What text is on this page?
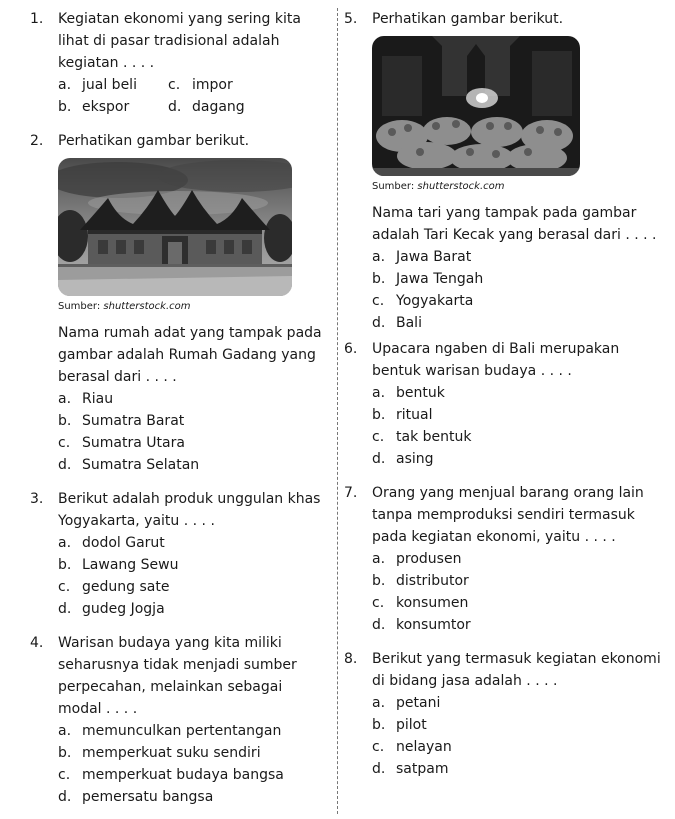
1.	Kegiatan ekonomi yang sering kita lihat di pasar tradisional adalah kegiatan . . . .
a. jual beli	c. impor
b. ekspor	d. dagang
2.	Perhatikan gambar berikut.
Sumber: shutterstock.com
Nama rumah adat yang tampak pada gambar adalah Rumah Gadang yang berasal dari . . . .
a. Riau
b. Sumatra Barat
c. Sumatra Utara
d. Sumatra Selatan
3.	Berikut adalah produk unggulan khas Yogyakarta, yaitu . . . .
a. dodol Garut
b. Lawang Sewu
c. gedung sate
d. gudeg Jogja
4.	Warisan budaya yang kita miliki seharusnya tidak menjadi sumber perpecahan, melainkan sebagai modal . . . .
a. memunculkan pertentangan
b. memperkuat suku sendiri
c. memperkuat budaya bangsa
d. pemersatu bangsa
5.	Perhatikan gambar berikut.
Sumber: shutterstock.com
Nama tari yang tampak pada gambar adalah Tari Kecak yang berasal dari . . . .
a. Jawa Barat
b. Jawa Tengah
c. Yogyakarta
d. Bali
6.	Upacara ngaben di Bali merupakan bentuk warisan budaya . . . .
a. bentuk
b. ritual
c. tak bentuk
d. asing
7.	Orang yang menjual barang orang lain tanpa memproduksi sendiri termasuk pada kegiatan ekonomi, yaitu . . . .
a. produsen
b. distributor
c. konsumen
d. konsumtor
8.	Berikut yang termasuk kegiatan ekonomi di bidang jasa adalah . . . .
a. petani
b. pilot
c. nelayan
d. satpam
